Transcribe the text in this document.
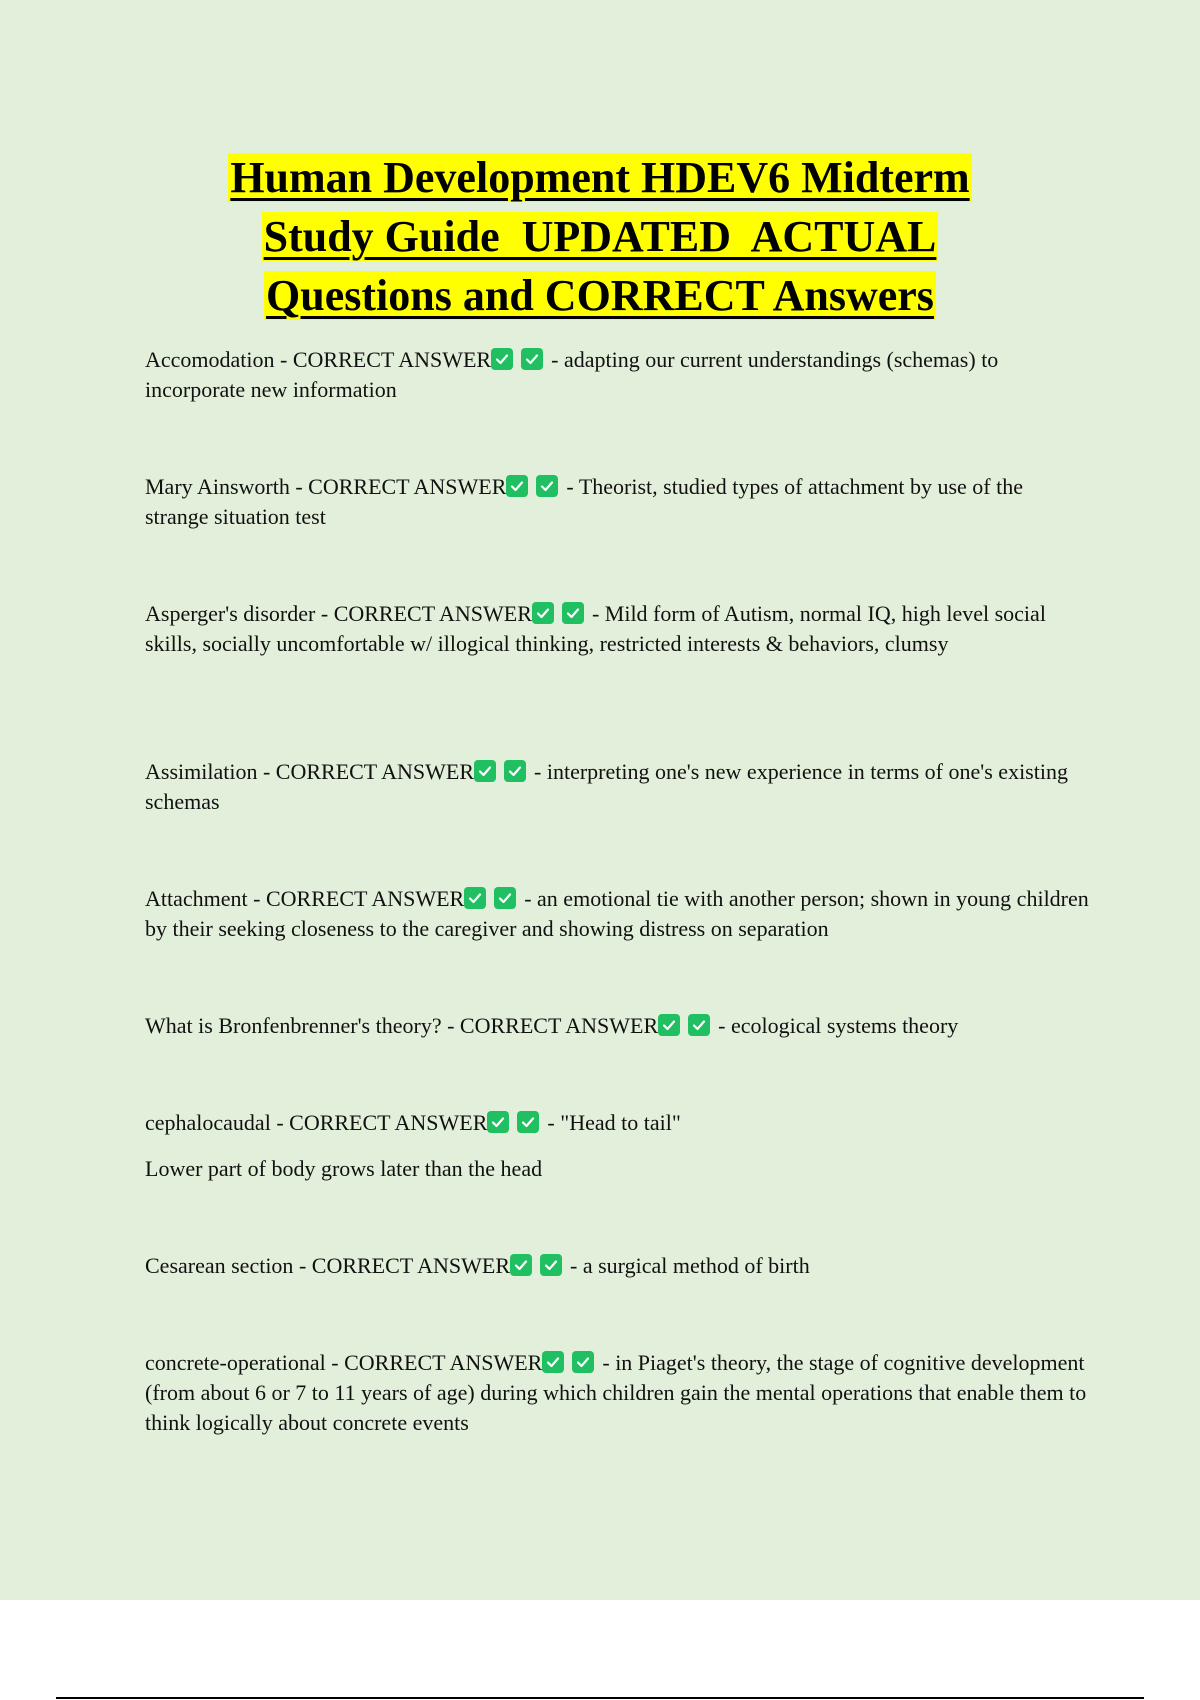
Human Development HDEV6 Midterm
Study Guide  UPDATED  ACTUAL
Questions and CORRECT Answers
Accomodation - CORRECT ANSWER	- adapting our current understandings (schemas) to incorporate new information
Mary Ainsworth - CORRECT ANSWER	- Theorist, studied types of attachment by use of the strange situation test
Asperger's disorder - CORRECT ANSWER	- Mild form of Autism, normal IQ, high level social skills, socially uncomfortable w/ illogical thinking, restricted interests & behaviors, clumsy
Assimilation - CORRECT ANSWER	- interpreting one's new experience in terms of one's existing schemas
Attachment - CORRECT ANSWER	- an emotional tie with another person; shown in young children by their seeking closeness to the caregiver and showing distress on separation
What is Bronfenbrenner's theory? - CORRECT ANSWER	- ecological systems theory
cephalocaudal - CORRECT ANSWER	- "Head to tail"
Lower part of body grows later than the head
Cesarean section - CORRECT ANSWER	- a surgical method of birth
concrete-operational - CORRECT ANSWER	- in Piaget's theory, the stage of cognitive development (from about 6 or 7 to 11 years of age) during which children gain the mental operations that enable them to think logically about concrete events
